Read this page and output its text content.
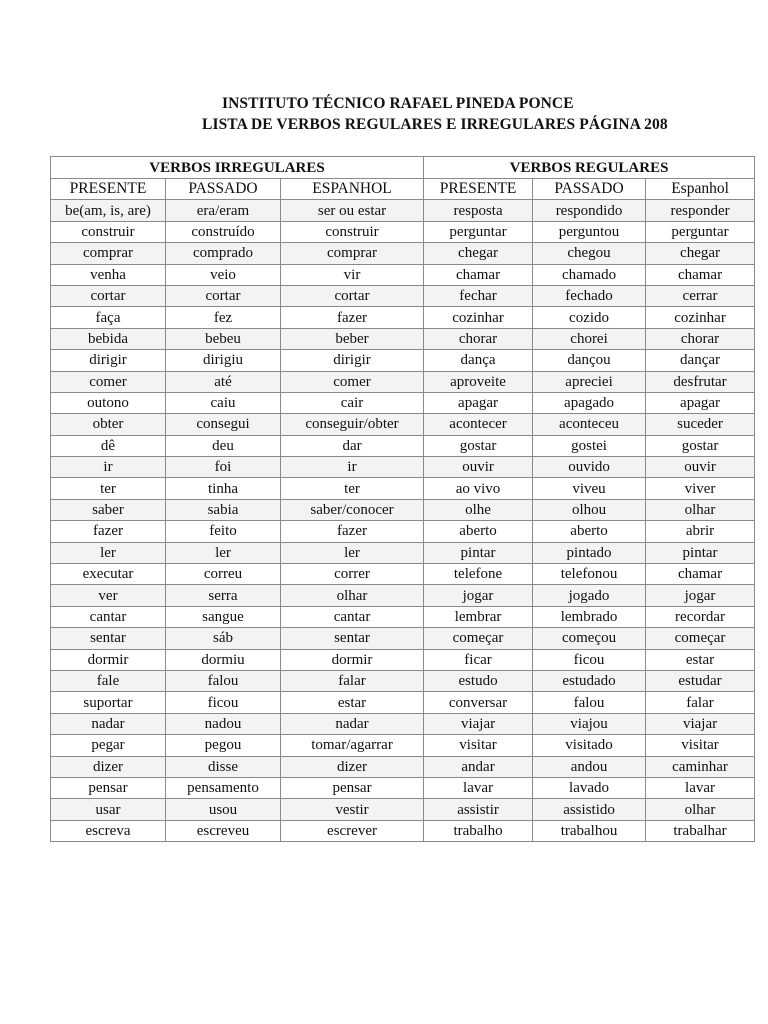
INSTITUTO TÉCNICO RAFAEL PINEDA PONCE
LISTA DE VERBOS REGULARES E IRREGULARES PÁGINA 208
VERBOS IRREGULARES			VERBOS REGULARES		
PRESENTE	PASSADO	ESPANHOL	PRESENTE	PASSADO	Espanhol
be(am, is, are)	era/eram	ser ou estar	resposta	respondido	responder
construir	construído	construir	perguntar	perguntou	perguntar
comprar	comprado	comprar	chegar	chegou	chegar
venha	veio	vir	chamar	chamado	chamar
cortar	cortar	cortar	fechar	fechado	cerrar
faça	fez	fazer	cozinhar	cozido	cozinhar
bebida	bebeu	beber	chorar	chorei	chorar
dirigir	dirigiu	dirigir	dança	dançou	dançar
comer	até	comer	aproveite	apreciei	desfrutar
outono	caiu	cair	apagar	apagado	apagar
obter	consegui	conseguir/obter	acontecer	aconteceu	suceder
dê	deu	dar	gostar	gostei	gostar
ir	foi	ir	ouvir	ouvido	ouvir
ter	tinha	ter	ao vivo	viveu	viver
saber	sabia	saber/conocer	olhe	olhou	olhar
fazer	feito	fazer	aberto	aberto	abrir
ler	ler	ler	pintar	pintado	pintar
executar	correu	correr	telefone	telefonou	chamar
ver	serra	olhar	jogar	jogado	jogar
cantar	sangue	cantar	lembrar	lembrado	recordar
sentar	sáb	sentar	começar	começou	começar
dormir	dormiu	dormir	ficar	ficou	estar
fale	falou	falar	estudo	estudado	estudar
suportar	ficou	estar	conversar	falou	falar
nadar	nadou	nadar	viajar	viajou	viajar
pegar	pegou	tomar/agarrar	visitar	visitado	visitar
dizer	disse	dizer	andar	andou	caminhar
pensar	pensamento	pensar	lavar	lavado	lavar
usar	usou	vestir	assistir	assistido	olhar
escreva	escreveu	escrever	trabalho	trabalhou	trabalhar
